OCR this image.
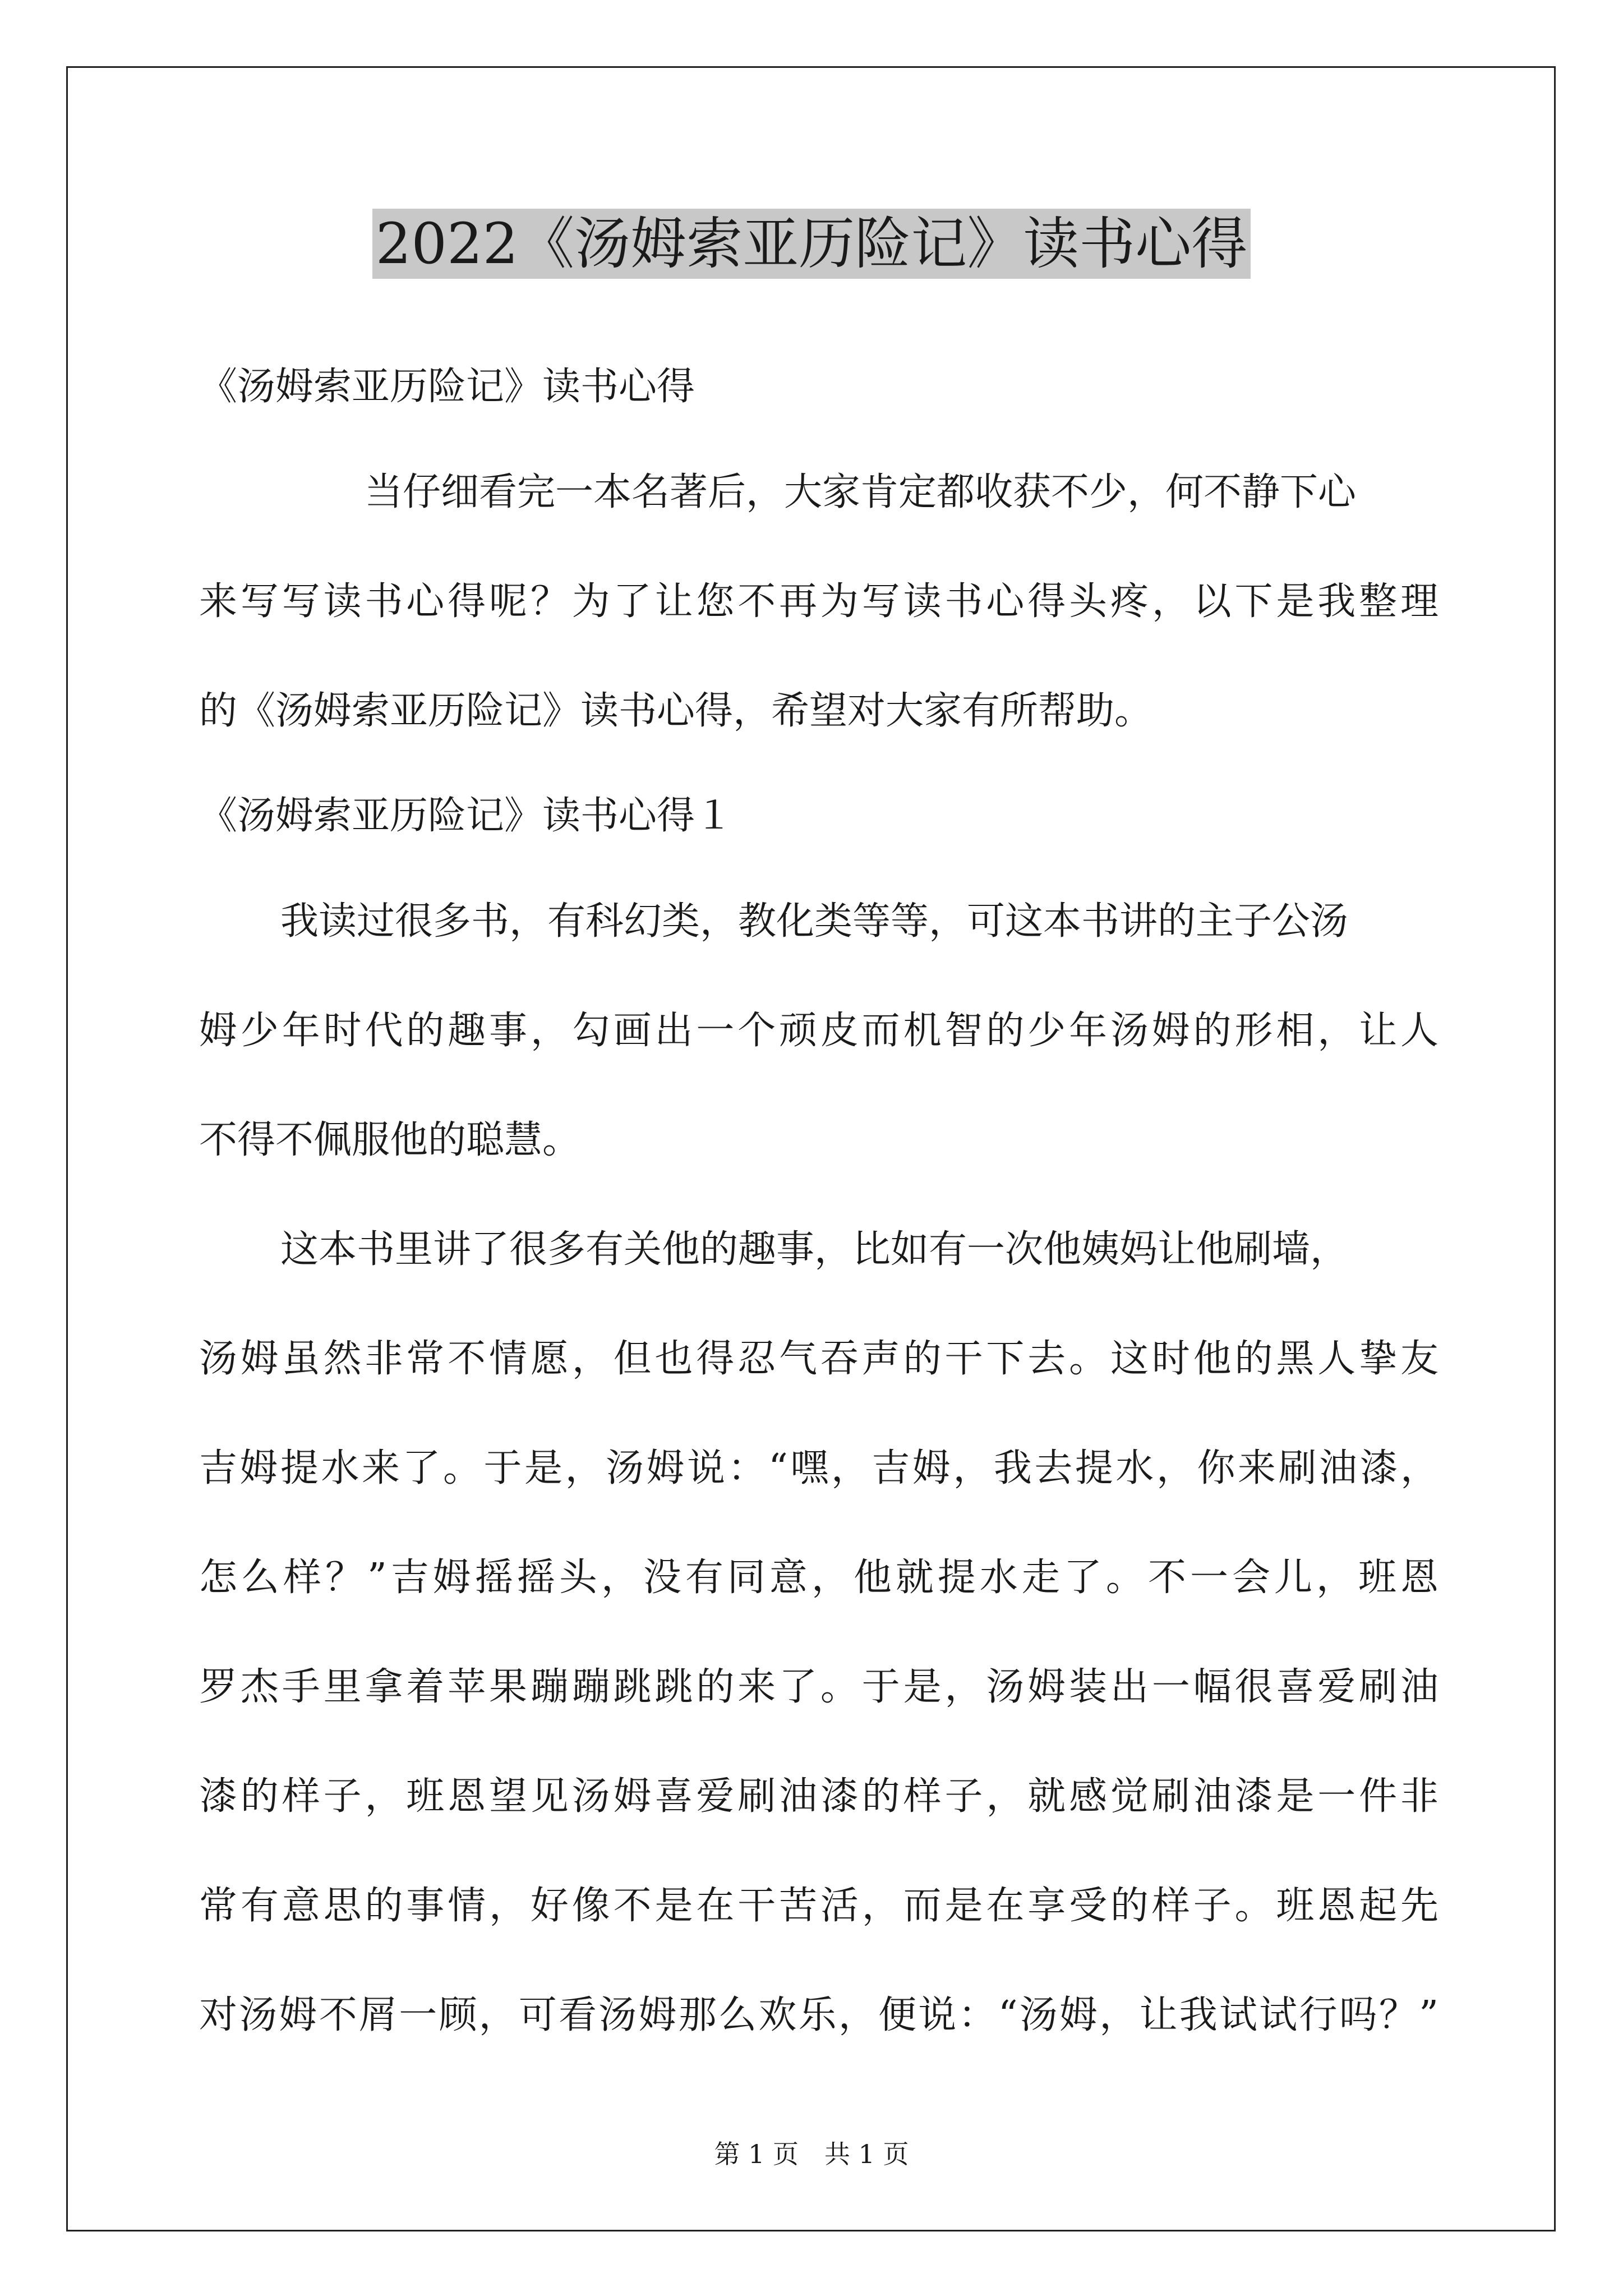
2022《汤姆索亚历险记》读书心得

《汤姆索亚历险记》读书心得

当仔细看完一本名著后，大家肯定都收获不少，何不静下心

来写写读书心得呢？为了让您不再为写读书心得头疼，以下是我整理

的《汤姆索亚历险记》读书心得，希望对大家有所帮助。

《汤姆索亚历险记》读书心得１

我读过很多书，有科幻类，教化类等等，可这本书讲的主子公汤

姆少年时代的趣事，勾画出一个顽皮而机智的少年汤姆的形相，让人

不得不佩服他的聪慧。

这本书里讲了很多有关他的趣事，比如有一次他姨妈让他刷墙，

汤姆虽然非常不情愿，但也得忍气吞声的干下去。这时他的黑人挚友

吉姆提水来了。于是，汤姆说：“嘿，吉姆，我去提水，你来刷油漆，

怎么样？”吉姆摇摇头，没有同意，他就提水走了。不一会儿，班恩

罗杰手里拿着苹果蹦蹦跳跳的来了。于是，汤姆装出一幅很喜爱刷油

漆的样子，班恩望见汤姆喜爱刷油漆的样子，就感觉刷油漆是一件非

常有意思的事情，好像不是在干苦活，而是在享受的样子。班恩起先

对汤姆不屑一顾，可看汤姆那么欢乐，便说：“汤姆，让我试试行吗？”

第 1 页　共 1 页
